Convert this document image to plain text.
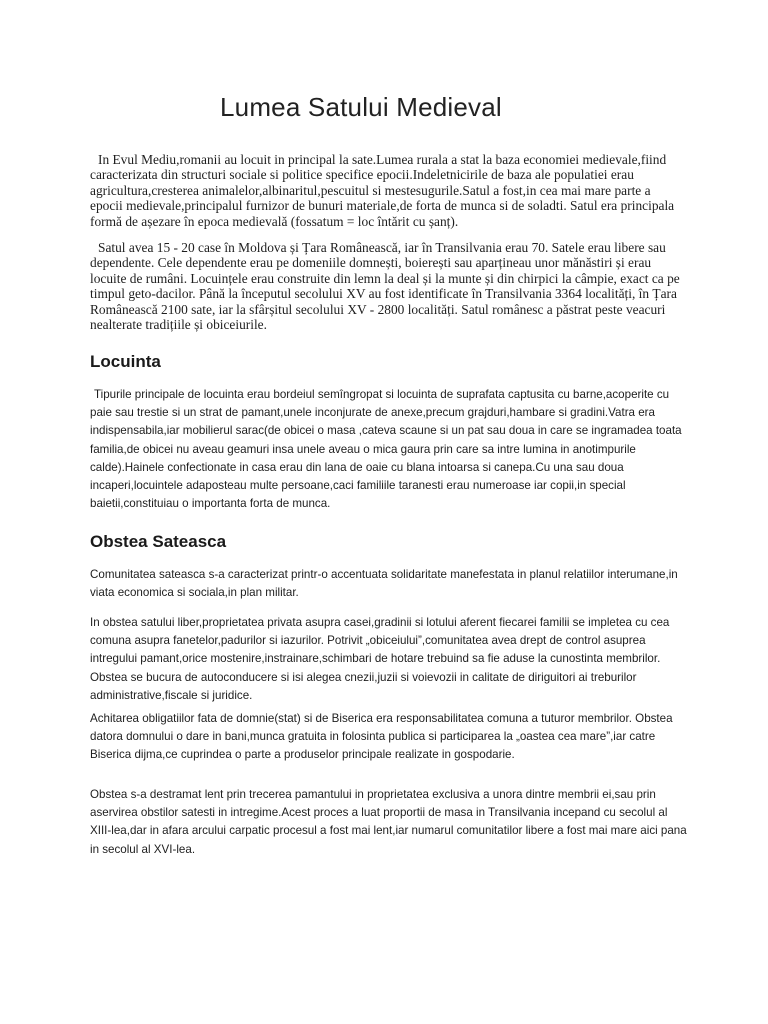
Lumea Satului Medieval

In Evul Mediu,romanii au locuit in principal la sate.Lumea rurala a stat la baza economiei medievale,fiind caracterizata din structuri sociale si politice specifice epocii.Indeletnicirile de baza ale populatiei erau agricultura,cresterea animalelor,albinaritul,pescuitul si mestesugurile.Satul a fost,in cea mai mare parte a epocii medievale,principalul furnizor de bunuri materiale,de forta de munca si de soladti. Satul era principala formă de așezare în epoca medievală (fossatum = loc întărit cu șanț).

Satul avea 15 - 20 case în Moldova și Țara Românească, iar în Transilvania erau 70. Satele erau libere sau dependente. Cele dependente erau pe domeniile domnești, boierești sau aparțineau unor mănăstiri și erau locuite de rumâni. Locuințele erau construite din lemn la deal și la munte și din chirpici la câmpie, exact ca pe timpul geto-dacilor. Până la începutul secolului XV au fost identificate în Transilvania 3364 localități, în Țara Românească 2100 sate, iar la sfârșitul secolului XV - 2800 localități. Satul românesc a păstrat peste veacuri nealterate tradițiile și obiceiurile.

Locuinta

Tipurile principale de locuinta erau bordeiul semîngropat si locuinta de suprafata captusita cu barne,acoperite cu paie sau trestie si un strat de pamant,unele inconjurate de anexe,precum grajduri,hambare si gradini.Vatra era indispensabila,iar mobilierul sarac(de obicei o masa ,cateva scaune si un pat sau doua in care se ingramadea toata familia,de obicei nu aveau geamuri insa unele aveau o mica gaura prin care sa intre lumina in anotimpurile calde).Hainele confectionate in casa erau din lana de oaie cu blana intoarsa si canepa.Cu una sau doua incaperi,locuintele adaposteau multe persoane,caci familiile taranesti erau numeroase iar copii,in special baietii,constituiau o importanta forta de munca.

Obstea Sateasca

Comunitatea sateasca s-a caracterizat printr-o accentuata solidaritate manefestata in planul relatiilor interumane,in viata economica si sociala,in plan militar.

In obstea satului liber,proprietatea privata asupra casei,gradinii si lotului aferent fiecarei familii se impletea cu cea comuna asupra fanetelor,padurilor si iazurilor. Potrivit „obiceiului”,comunitatea avea drept de control asuprea intregului pamant,orice mostenire,instrainare,schimbari de hotare trebuind sa fie aduse la cunostinta membrilor. Obstea se bucura de autoconducere si isi alegea cnezii,juzii si voievozii in calitate de diriguitori ai treburilor administrative,fiscale si juridice.

Achitarea obligatiilor fata de domnie(stat) si de Biserica era responsabilitatea comuna a tuturor membrilor. Obstea datora domnului o dare in bani,munca gratuita in folosinta publica si participarea la „oastea cea mare”,iar catre Biserica dijma,ce cuprindea o parte a produselor principale realizate in gospodarie.

Obstea s-a destramat lent prin trecerea pamantului in proprietatea exclusiva a unora dintre membrii ei,sau prin aservirea obstilor satesti in intregime.Acest proces a luat proportii de masa in Transilvania incepand cu secolul al XIII-lea,dar in afara arcului carpatic procesul a fost mai lent,iar numarul comunitatilor libere a fost mai mare aici pana in secolul al XVI-lea.
